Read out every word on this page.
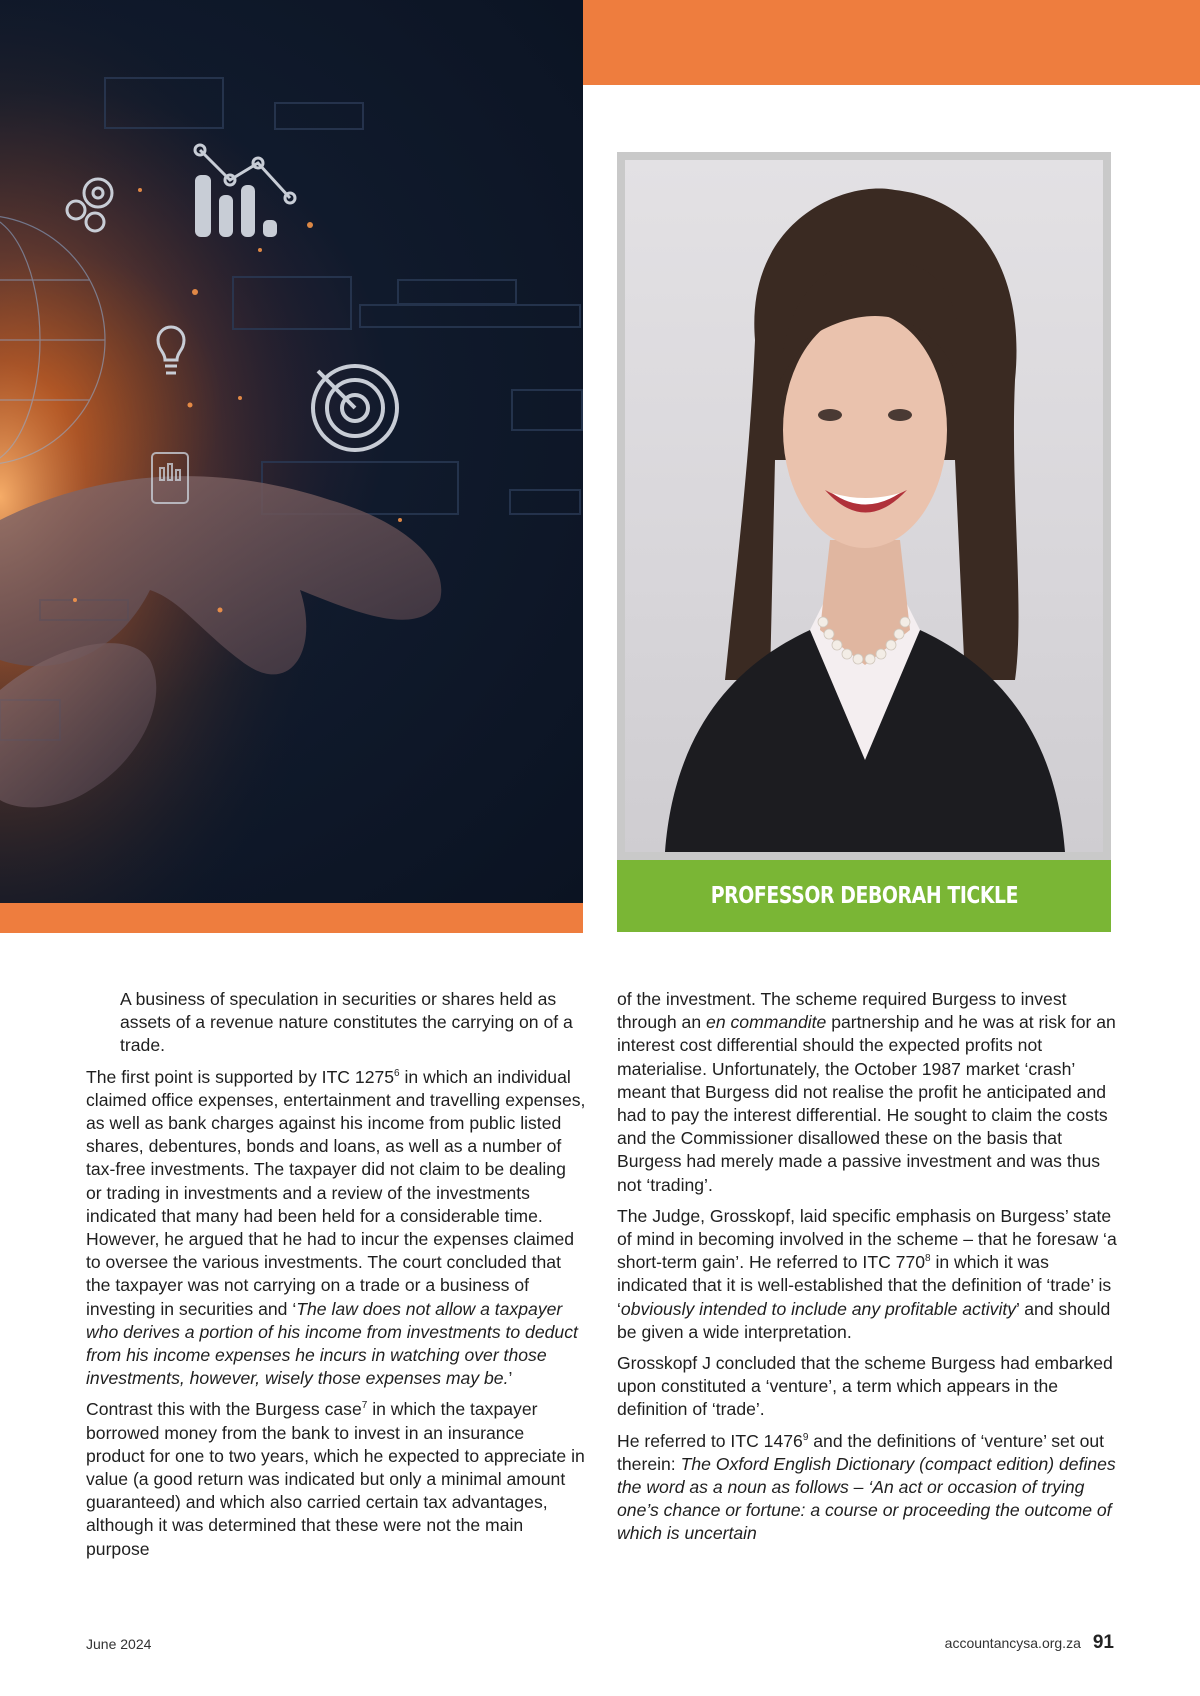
PROFESSOR DEBORAH TICKLE

A business of speculation in securities or shares held as assets of a revenue nature constitutes the carrying on of a trade.

The first point is supported by ITC 1275$^6$ in which an individual claimed office expenses, entertainment and travelling expenses, as well as bank charges against his income from public listed shares, debentures, bonds and loans, as well as a number of tax-free investments. The taxpayer did not claim to be dealing or trading in investments and a review of the investments indicated that many had been held for a considerable time. However, he argued that he had to incur the expenses claimed to oversee the various investments. The court concluded that the taxpayer was not carrying on a trade or a business of investing in securities and ‘The law does not allow a taxpayer who derives a portion of his income from investments to deduct from his income expenses he incurs in watching over those investments, however, wisely those expenses may be.’

Contrast this with the Burgess case$^7$ in which the taxpayer borrowed money from the bank to invest in an insurance product for one to two years, which he expected to appreciate in value (a good return was indicated but only a minimal amount guaranteed) and which also carried certain tax advantages, although it was determined that these were not the main purpose

of the investment. The scheme required Burgess to invest through an en commandite partnership and he was at risk for an interest cost differential should the expected profits not materialise. Unfortunately, the October 1987 market ‘crash’ meant that Burgess did not realise the profit he anticipated and had to pay the interest differential. He sought to claim the costs and the Commissioner disallowed these on the basis that Burgess had merely made a passive investment and was thus not ‘trading’.

The Judge, Grosskopf, laid specific emphasis on Burgess’ state of mind in becoming involved in the scheme – that he foresaw ‘a short-term gain’. He referred to ITC $770^8$ in which it was indicated that it is well-established that the definition of ‘trade’ is ‘obviously intended to include any profitable activity’ and should be given a wide interpretation.

Grosskopf J concluded that the scheme Burgess had embarked upon constituted a ‘venture’, a term which appears in the definition of ‘trade’.

He referred to ITC 1476$^9$ and the definitions of ‘venture’ set out therein: The Oxford English Dictionary (compact edition) defines the word as a noun as follows – ‘An act or occasion of trying one’s chance or fortune: a course or proceeding the outcome of which is uncertain

June 2024	accountancysa.org.za 91
